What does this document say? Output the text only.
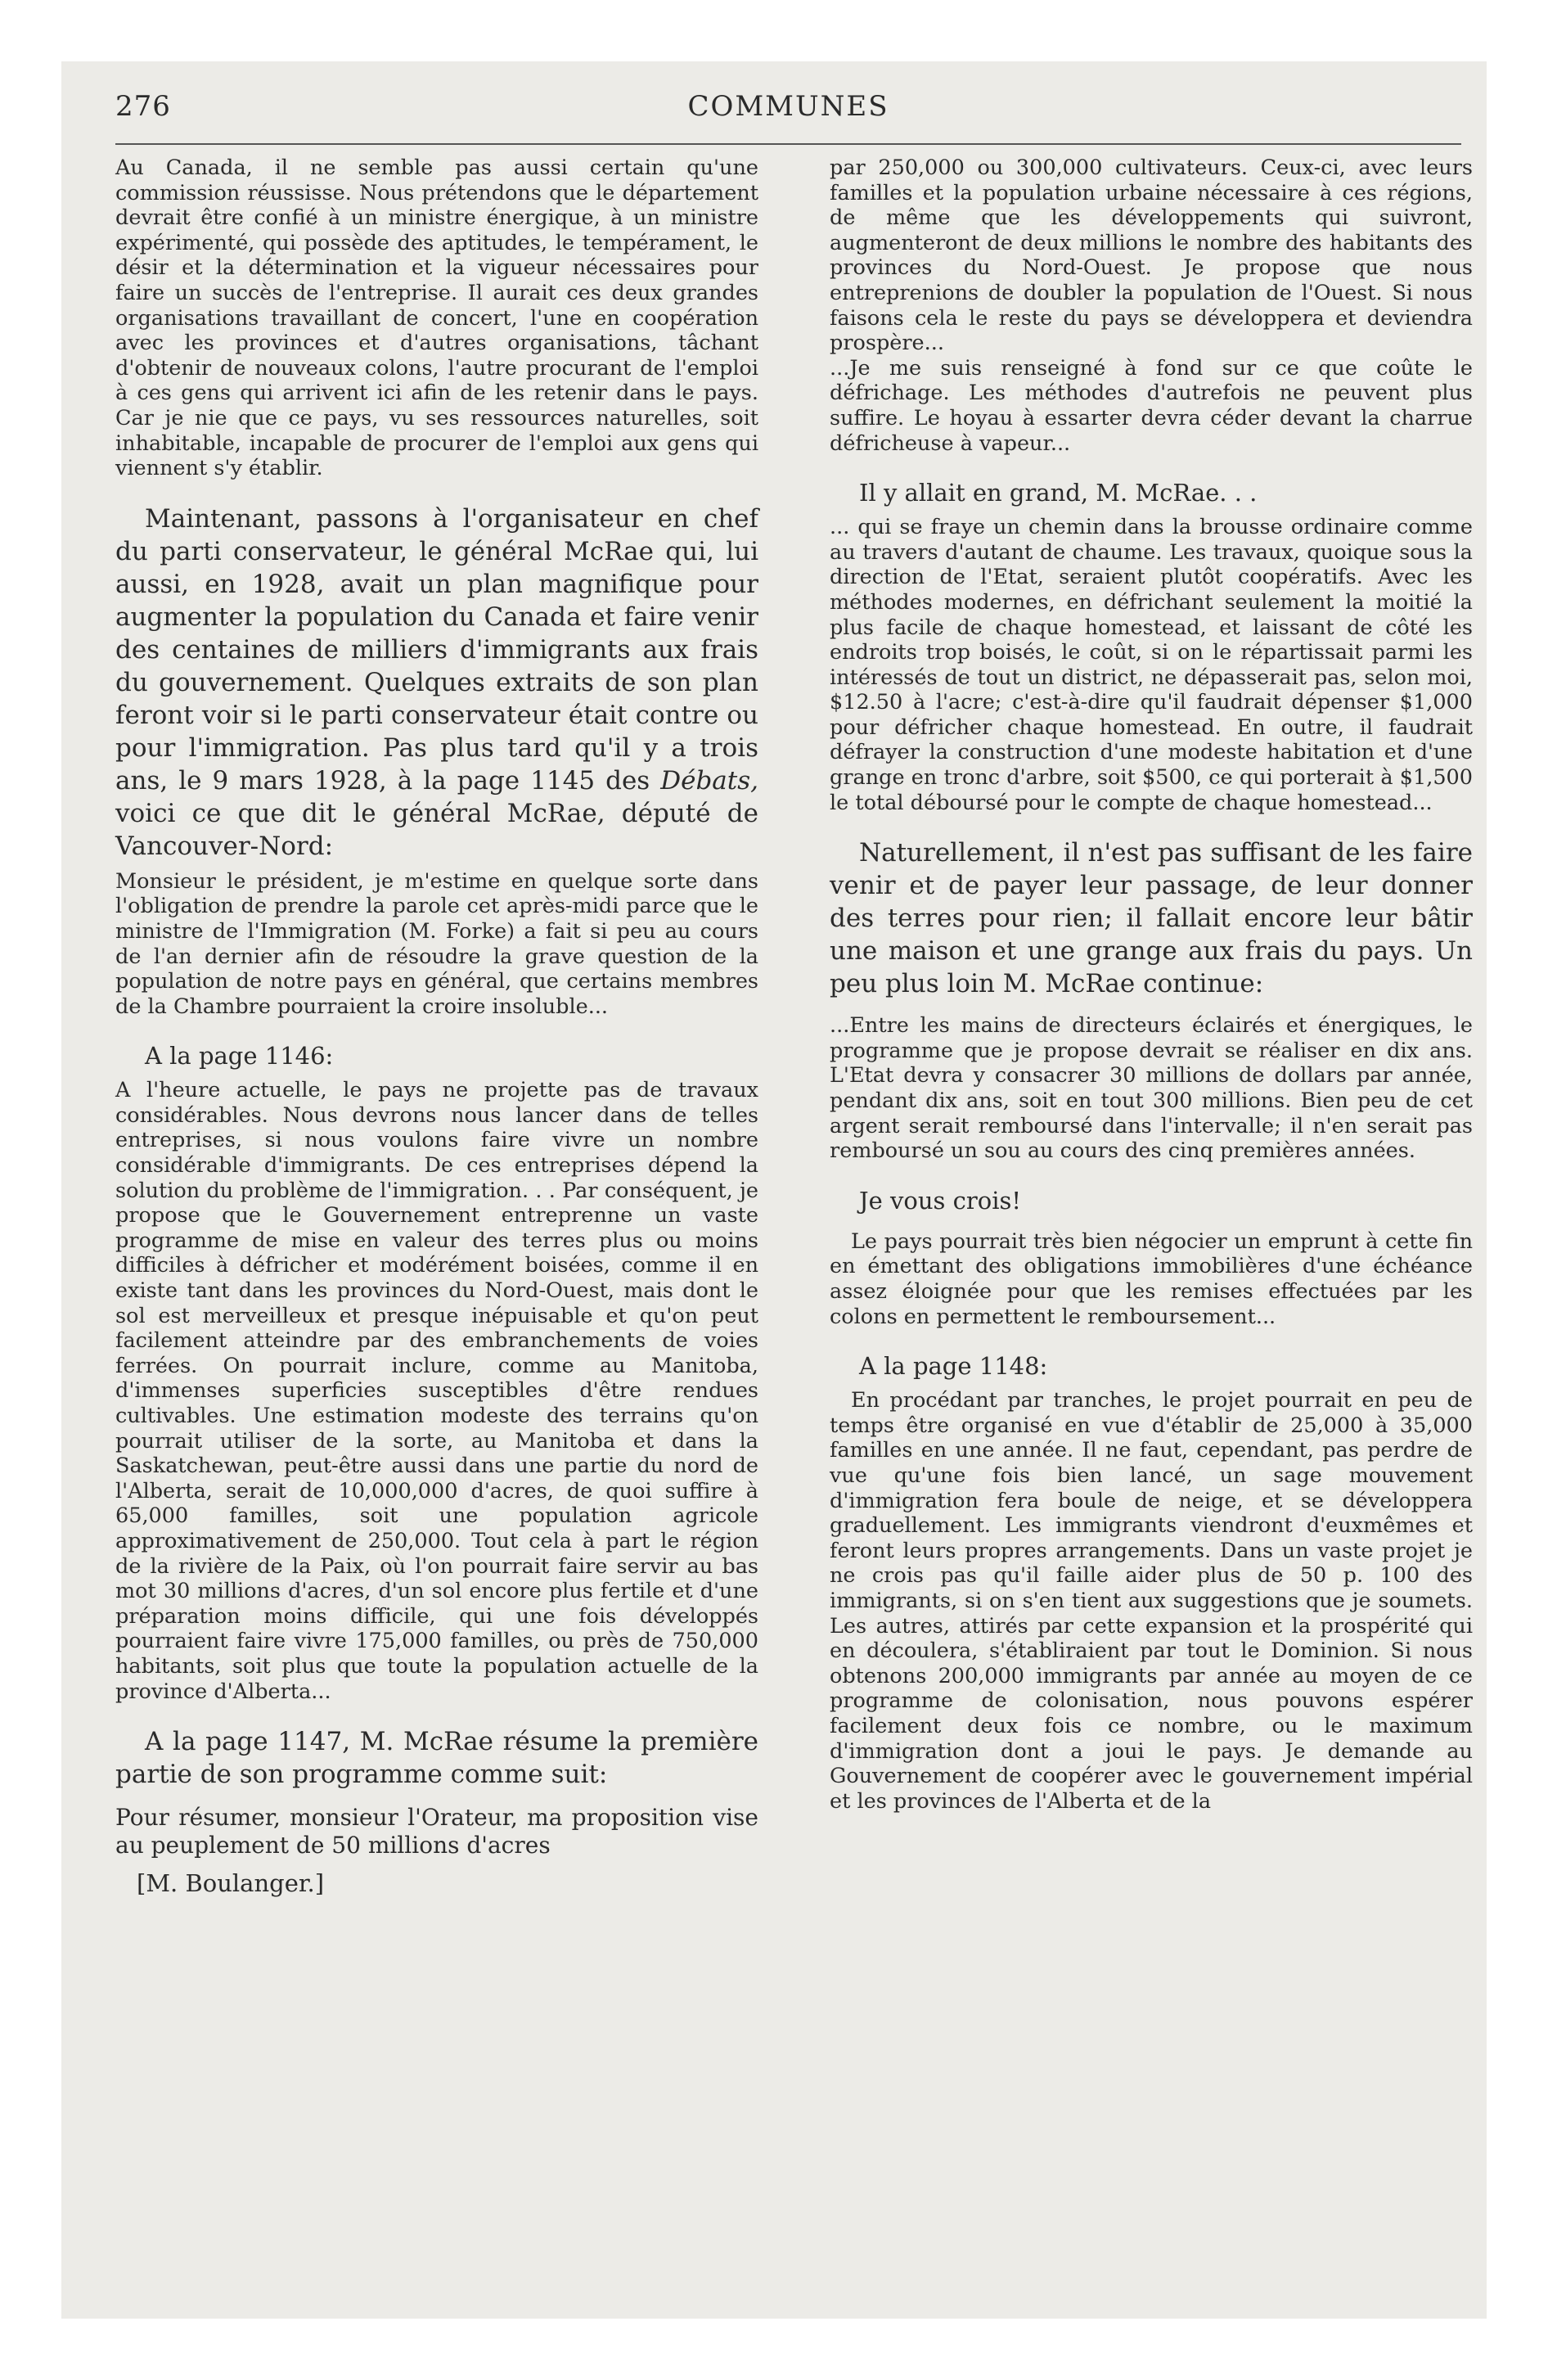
COMMUNES
276

Au Canada, il ne semble pas aussi certain qu'une commission réussisse. Nous prétendons que le département devrait être confié à un ministre énergique, à un ministre expérimenté, qui possède des aptitudes, le tempérament, le désir et la détermination et la vigueur nécessaires pour faire un succès de l'entreprise. Il aurait ces deux grandes organisations travaillant de concert, l'une en coopération avec les provinces et d'autres organisations, tâchant d'obtenir de nouveaux colons, l'autre procurant de l'emploi à ces gens qui arrivent ici afin de les retenir dans le pays. Car je nie que ce pays, vu ses ressources naturelles, soit inhabitable, incapable de procurer de l'emploi aux gens qui viennent s'y établir.

Maintenant, passons à l'organisateur en chef du parti conservateur, le général McRae qui, lui aussi, en 1928, avait un plan magnifique pour augmenter la population du Canada et faire venir des centaines de milliers d'immigrants aux frais du gouvernement. Quelques extraits de son plan feront voir si le parti conservateur était contre ou pour l'immigration. Pas plus tard qu'il y a trois ans, le 9 mars 1928, à la page 1145 des Débats, voici ce que dit le général McRae, député de Vancouver-Nord:

Monsieur le président, je m'estime en quelque sorte dans l'obligation de prendre la parole cet après-midi parce que le ministre de l'Immigration (M. Forke) a fait si peu au cours de l'an dernier afin de résoudre la grave question de la population de notre pays en général, que certains membres de la Chambre pourraient la croire insoluble...

A la page 1146:

A l'heure actuelle, le pays ne projette pas de travaux considérables. Nous devrons nous lancer dans de telles entreprises, si nous voulons faire vivre un nombre considérable d'immigrants. De ces entreprises dépend la solution du problème de l'immigration. . . Par conséquent, je propose que le Gouvernement entreprenne un vaste programme de mise en valeur des terres plus ou moins difficiles à défricher et modérément boisées, comme il en existe tant dans les provinces du Nord-Ouest, mais dont le sol est merveilleux et presque inépuisable et qu'on peut facilement atteindre par des embranchements de voies ferrées. On pourrait inclure, comme au Manitoba, d'immenses superficies susceptibles d'être rendues cultivables. Une estimation modeste des terrains qu'on pourrait utiliser de la sorte, au Manitoba et dans la Saskatchewan, peut-être aussi dans une partie du nord de l'Alberta, serait de 10,000,000 d'acres, de quoi suffire à 65,000 familles, soit une population agricole approximativement de 250,000. Tout cela à part le région de la rivière de la Paix, où l'on pourrait faire servir au bas mot 30 millions d'acres, d'un sol encore plus fertile et d'une préparation moins difficile, qui une fois développés pourraient faire vivre 175,000 familles, ou près de 750,000 habitants, soit plus que toute la population actuelle de la province d'Alberta...

A la page 1147, M. McRae résume la première partie de son programme comme suit:

Pour résumer, monsieur l'Orateur, ma proposition vise au peuplement de 50 millions d'acres

[M. Boulanger.]

par 250,000 ou 300,000 cultivateurs. Ceux-ci, avec leurs familles et la population urbaine nécessaire à ces régions, de même que les développements qui suivront, augmenteront de deux millions le nombre des habitants des provinces du Nord-Ouest. Je propose que nous entreprenions de doubler la population de l'Ouest. Si nous faisons cela le reste du pays se développera et deviendra prospère...

...Je me suis renseigné à fond sur ce que coûte le défrichage. Les méthodes d'autrefois ne peuvent plus suffire. Le hoyau à essarter devra céder devant la charrue défricheuse à vapeur...

Il y allait en grand, M. McRae. . .

... qui se fraye un chemin dans la brousse ordinaire comme au travers d'autant de chaume. Les travaux, quoique sous la direction de l'Etat, seraient plutôt coopératifs. Avec les méthodes modernes, en défrichant seulement la moitié la plus facile de chaque homestead, et laissant de côté les endroits trop boisés, le coût, si on le répartissait parmi les intéressés de tout un district, ne dépasserait pas, selon moi, $12.50 à l'acre; c'est-à-dire qu'il faudrait dépenser $1,000 pour défricher chaque homestead. En outre, il faudrait défrayer la construction d'une modeste habitation et d'une grange en tronc d'arbre, soit $500, ce qui porterait à $1,500 le total déboursé pour le compte de chaque homestead...

Naturellement, il n'est pas suffisant de les faire venir et de payer leur passage, de leur donner des terres pour rien; il fallait encore leur bâtir une maison et une grange aux frais du pays. Un peu plus loin M. McRae continue:

...Entre les mains de directeurs éclairés et énergiques, le programme que je propose devrait se réaliser en dix ans. L'Etat devra y consacrer 30 millions de dollars par année, pendant dix ans, soit en tout 300 millions. Bien peu de cet argent serait remboursé dans l'intervalle; il n'en serait pas remboursé un sou au cours des cinq premières années.

Je vous crois!

Le pays pourrait très bien négocier un emprunt à cette fin en émettant des obligations immobilières d'une échéance assez éloignée pour que les remises effectuées par les colons en permettent le remboursement...

A la page 1148:

En procédant par tranches, le projet pourrait en peu de temps être organisé en vue d'établir de 25,000 à 35,000 familles en une année. Il ne faut, cependant, pas perdre de vue qu'une fois bien lancé, un sage mouvement d'immigration fera boule de neige, et se développera graduellement. Les immigrants viendront d'euxmêmes et feront leurs propres arrangements. Dans un vaste projet je ne crois pas qu'il faille aider plus de 50 p. 100 des immigrants, si on s'en tient aux suggestions que je soumets. Les autres, attirés par cette expansion et la prospérité qui en découlera, s'établiraient par tout le Dominion. Si nous obtenons 200,000 immigrants par année au moyen de ce programme de colonisation, nous pouvons espérer facilement deux fois ce nombre, ou le maximum d'immigration dont a joui le pays. Je demande au Gouvernement de coopérer avec le gouvernement impérial et les provinces de l'Alberta et de la
